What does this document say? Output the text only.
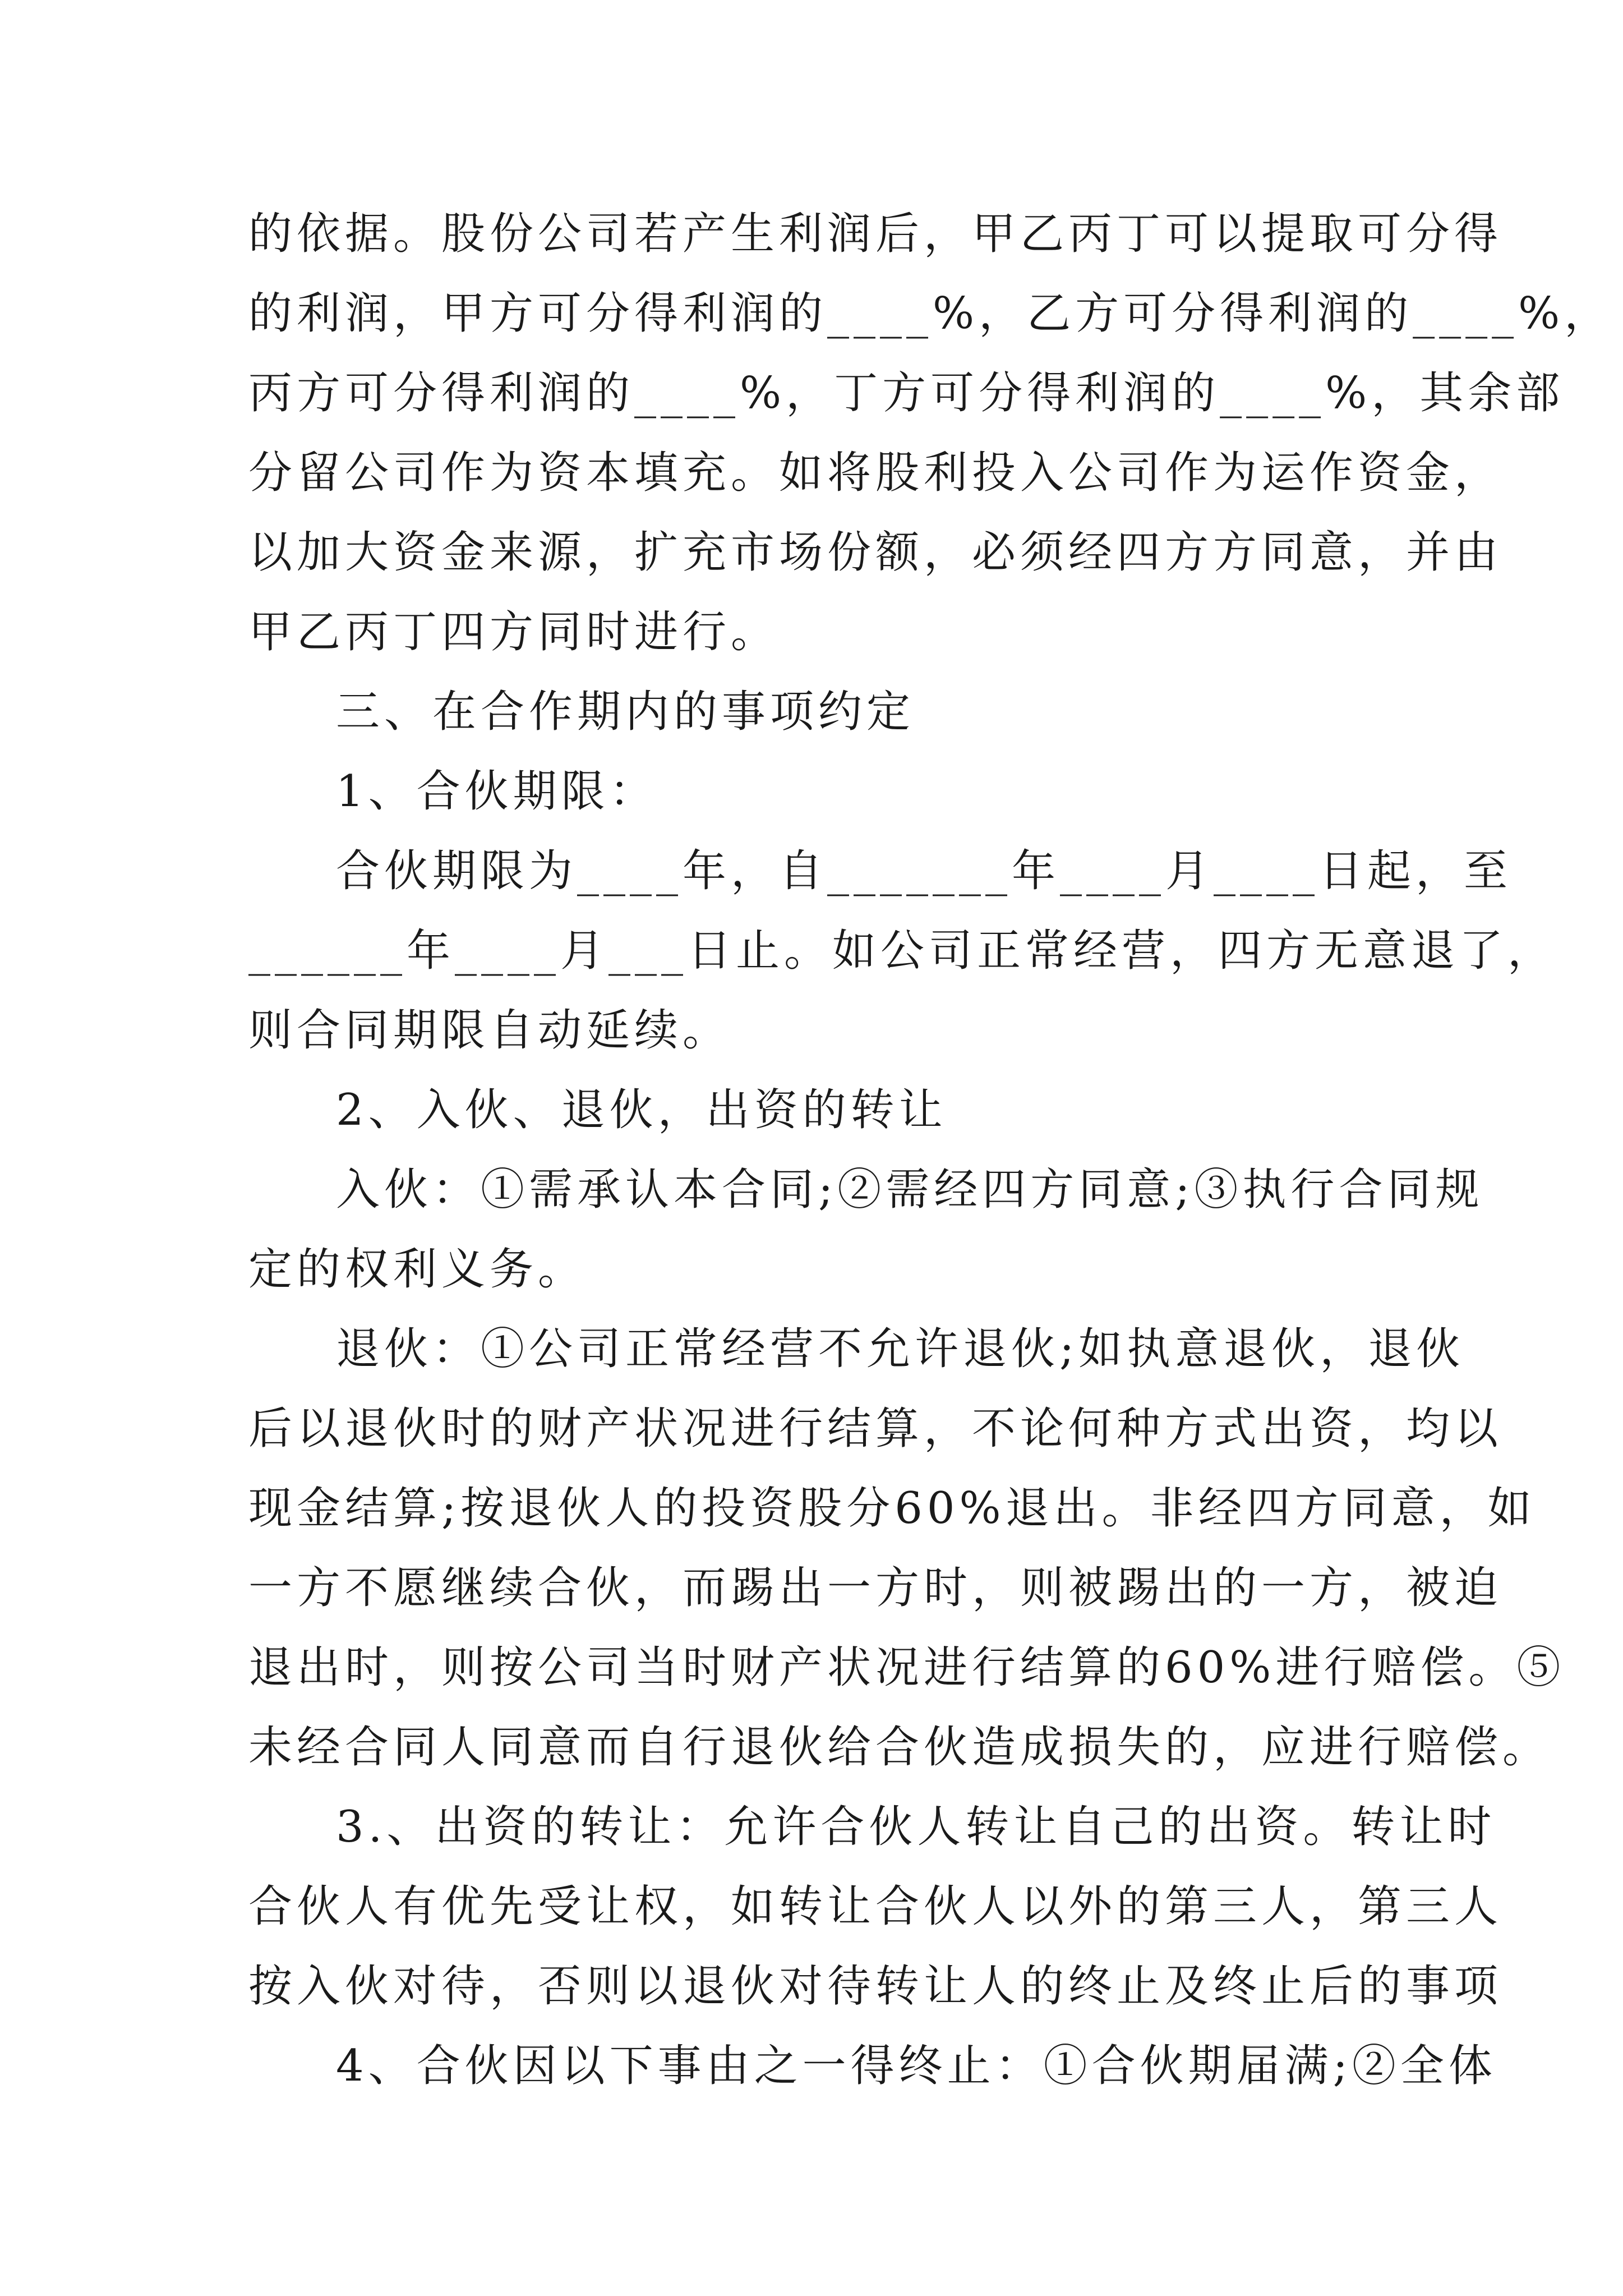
的依据。股份公司若产生利润后，甲乙丙丁可以提取可分得
的利润，甲方可分得利润的____%，乙方可分得利润的____%，
丙方可分得利润的____%，丁方可分得利润的____%，其余部
分留公司作为资本填充。如将股利投入公司作为运作资金，
以加大资金来源，扩充市场份额，必须经四方方同意，并由
甲乙丙丁四方同时进行。
三、在合作期内的事项约定
1、合伙期限：
合伙期限为____年，自_______年____月____日起，至
______年____月___日止。如公司正常经营，四方无意退了，
则合同期限自动延续。
2、入伙、退伙，出资的转让
入伙：①需承认本合同;②需经四方同意;③执行合同规
定的权利义务。
退伙：①公司正常经营不允许退伙;如执意退伙，退伙
后以退伙时的财产状况进行结算，不论何种方式出资，均以
现金结算;按退伙人的投资股分60%退出。非经四方同意，如
一方不愿继续合伙，而踢出一方时，则被踢出的一方，被迫
退出时，则按公司当时财产状况进行结算的60%进行赔偿。⑤
未经合同人同意而自行退伙给合伙造成损失的，应进行赔偿。
3.、出资的转让：允许合伙人转让自己的出资。转让时
合伙人有优先受让权，如转让合伙人以外的第三人，第三人
按入伙对待，否则以退伙对待转让人的终止及终止后的事项
4、合伙因以下事由之一得终止：①合伙期届满;②全体
